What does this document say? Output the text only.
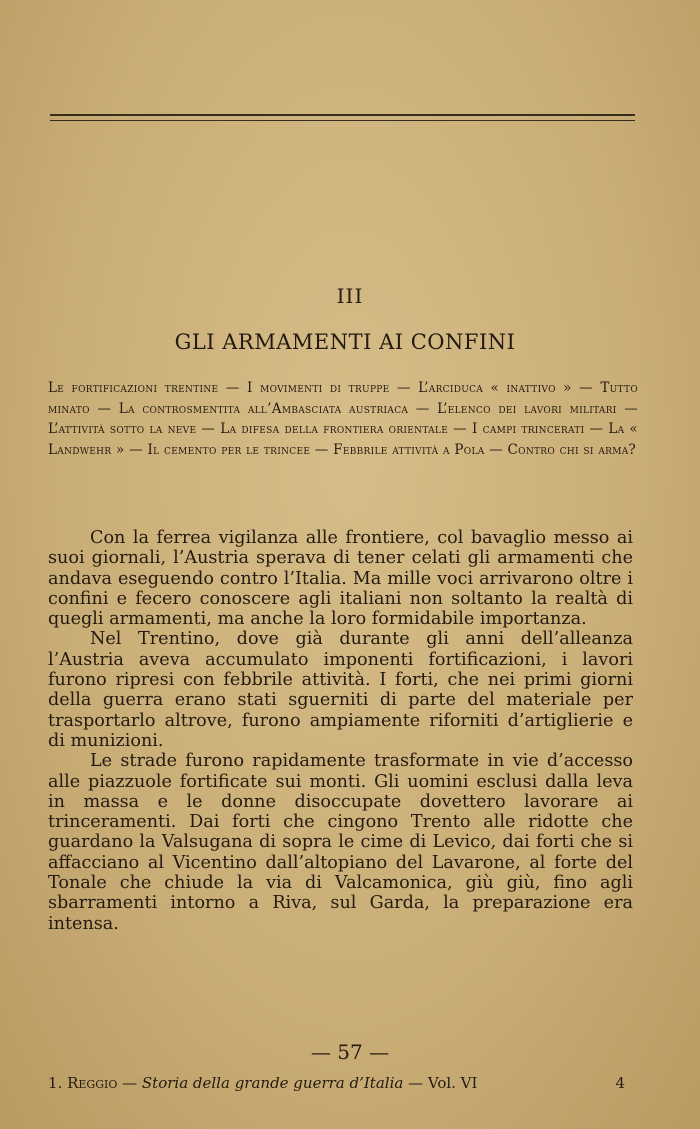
III
GLI ARMAMENTI AI CONFINI

Le fortificazioni trentine — I movimenti di truppe — L’arciduca « inattivo » — Tutto minato — La controsmentita all’Ambasciata austriaca — L’elenco dei lavori militari — L’attività sotto la neve — La difesa della frontiera orientale — I campi trincerati — La « Landwehr » — Il cemento per le trincee — Febbrile attività a Pola — Contro chi si arma?

Con la ferrea vigilanza alle frontiere, col bavaglio messo ai suoi giornali, l’Austria sperava di tener celati gli armamenti che andava eseguendo contro l’Italia. Ma mille voci arrivarono oltre i confini e fecero conoscere agli italiani non soltanto la realtà di quegli armamenti, ma anche la loro formidabile importanza.

Nel Trentino, dove già durante gli anni dell’alleanza l’Austria aveva accumulato imponenti fortificazioni, i lavori furono ripresi con febbrile attività. I forti, che nei primi giorni della guerra erano stati sguerniti di parte del materiale per trasportarlo altrove, furono ampiamente riforniti d’artiglierie e di munizioni.

Le strade furono rapidamente trasformate in vie d’accesso alle piazzuole fortificate sui monti. Gli uomini esclusi dalla leva in massa e le donne disoccupate dovettero lavorare ai trinceramenti. Dai forti che cingono Trento alle ridotte che guardano la Valsugana di sopra le cime di Levico, dai forti che si affacciano al Vicentino dall’altopiano del Lavarone, al forte del Tonale che chiude la via di Valcamonica, giù giù, fino agli sbarramenti intorno a Riva, sul Garda, la preparazione era intensa.

— 57 —
1. Reggio — Storia della grande guerra d’Italia — Vol. VI	4
